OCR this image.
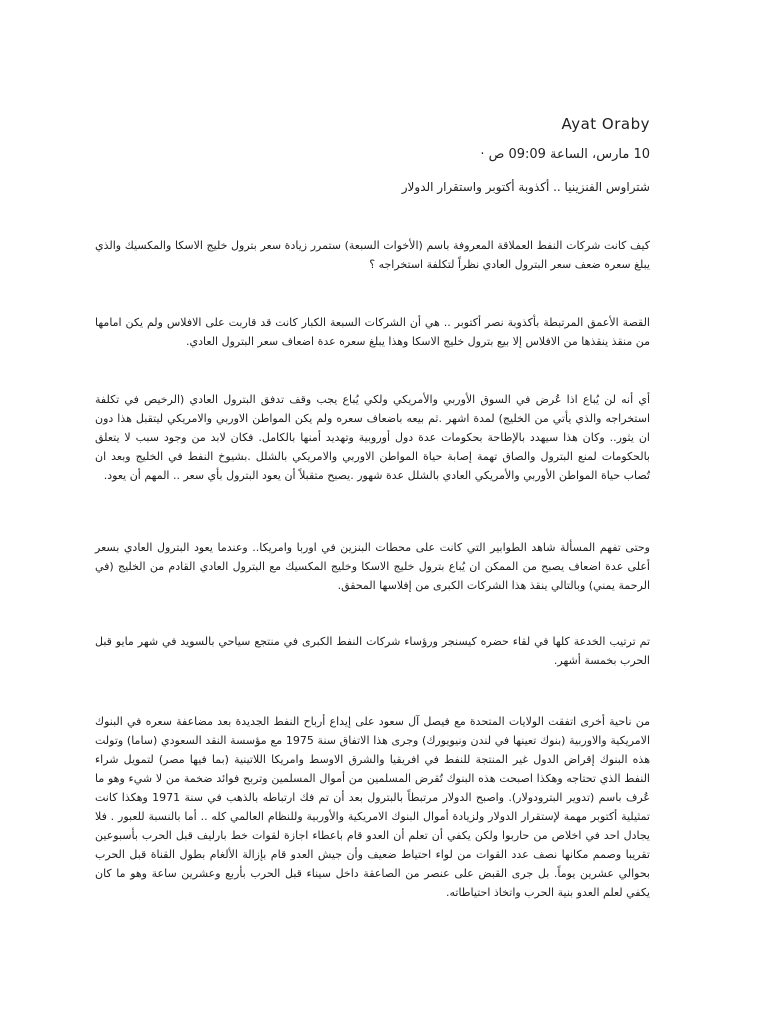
Ayat Oraby
10 مارس، الساعة 09:09 ص ·
شتراوس الفنزينيا .. أكذوبة أكتوبر واستقرار الدولار
كيف كانت شركات النفط العملاقة المعروفة باسم (الأخوات السبعة) ستمرر زيادة سعر بترول خليج الاسكا والمكسيك والذي يبلغ سعره ضعف سعر البترول العادي نظراً لتكلفة استخراجه ؟
القصة الأعمق المرتبطة بأكذوبة نصر أكتوبر .. هي أن الشركات السبعة الكبار كانت قد قاربت على الافلاس ولم يكن امامها من منقذ ينقذها من الافلاس إلا بيع بترول خليج الاسكا وهذا يبلغ سعره عدة اضعاف سعر البترول العادي.
أي أنه لن يُباع اذا عُرض في السوق الأوربي والأمريكي ولكي يُباع يجب وقف تدفق البترول العادي (الرخيص في تكلفة استخراجه والذي يأتي من الخليج) لمدة اشهر .ثم بيعه باضعاف سعره ولم يكن المواطن الاوربي والامريكي ليتقبل هذا دون ان يثور.. وكان هذا سيهدد بالإطاحة بحكومات عدة دول أوروبية وتهديد أمنها بالكامل. فكان لابد من وجود سبب لا يتعلق بالحكومات لمنع البترول والصاق تهمة إصابة حياة المواطن الاوربي والامريكي بالشلل .بشيوخ النفط في الخليج وبعد ان تُصاب حياة المواطن الأوربي والأمريكي العادي بالشلل عدة شهور .يصبح متقبلاً أن يعود البترول بأي سعر .. المهم أن يعود.
وحتى تفهم المسألة شاهد الطوابير التي كانت على محطات البنزين في اوربا وامريكا.. وعندما يعود البترول العادي بسعر أعلى عدة اضعاف يصبح من الممكن ان يُباع بترول خليج الاسكا وخليج المكسيك مع البترول العادي القادم من الخليج (في الرحمة يمني) وبالتالي ينقذ هذا الشركات الكبرى من إفلاسها المحقق.
تم ترتيب الخدعة كلها في لقاء حضره كيسنجر ورؤساء شركات النفط الكبرى في منتجع سياحي بالسويد في شهر مايو قبل الحرب بخمسة أشهر.
من ناحية أخرى اتفقت الولايات المتحدة مع فيصل آل سعود على إيداع أرباح النفط الجديدة بعد مضاعفة سعره في البنوك الامريكية والاوربية (بنوك تعينها في لندن ونيويورك) وجرى هذا الاتفاق سنة 1975 مع مؤسسة النقد السعودي (ساما) وتولت هذه البنوك إقراض الدول غير المنتجة للنفط في افريقيا والشرق الاوسط وامريكا اللاتينية (بما فيها مصر) لتمويل شراء النفط الذي تحتاجه وهكذا اصبحت هذه البنوك تُقرض المسلمين من أموال المسلمين وتربح فوائد ضخمة من لا شيء وهو ما عُرف باسم (تدوير البترودولار). واصبح الدولار مرتبطاً بالبترول بعد أن تم فك ارتباطه بالذهب في سنة 1971 وهكذا كانت تمثيلية أكتوبر مهمة لإستقرار الدولار ولزيادة أموال البنوك الامريكية والأوربية وللنظام العالمي كله .. أما بالنسبة للعبور . فلا يجادل احد في اخلاص من حاربوا ولكن يكفي أن تعلم أن العدو قام باعطاء اجازة لقوات خط بارليف قبل الحرب بأسبوعين تقريبا وصمم مكانها نصف عدد القوات من لواء احتياط ضعيف وأن جيش العدو قام بإزالة الألغام بطول القناة قبل الحرب بحوالي عشرين يوماً. بل جرى القبض على عنصر من الصاعقة داخل سيناء قبل الحرب بأربع وعشرين ساعة وهو ما كان يكفي لعلم العدو بنية الحرب واتخاذ احتياطاته.
